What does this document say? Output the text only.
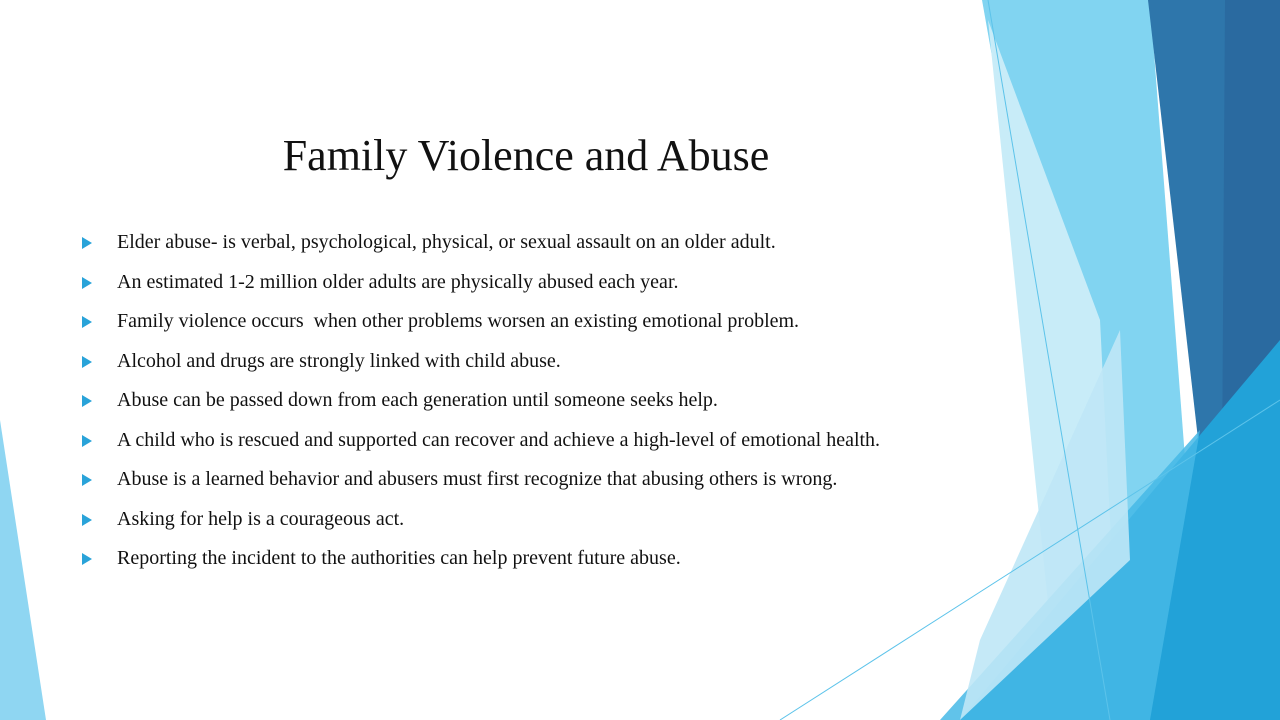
Family Violence and Abuse
Elder abuse- is verbal, psychological, physical, or sexual assault on an older adult.
An estimated 1-2 million older adults are physically abused each year.
Family violence occurs  when other problems worsen an existing emotional problem.
Alcohol and drugs are strongly linked with child abuse.
Abuse can be passed down from each generation until someone seeks help.
A child who is rescued and supported can recover and achieve a high-level of emotional health.
Abuse is a learned behavior and abusers must first recognize that abusing others is wrong.
Asking for help is a courageous act.
Reporting the incident to the authorities can help prevent future abuse.
